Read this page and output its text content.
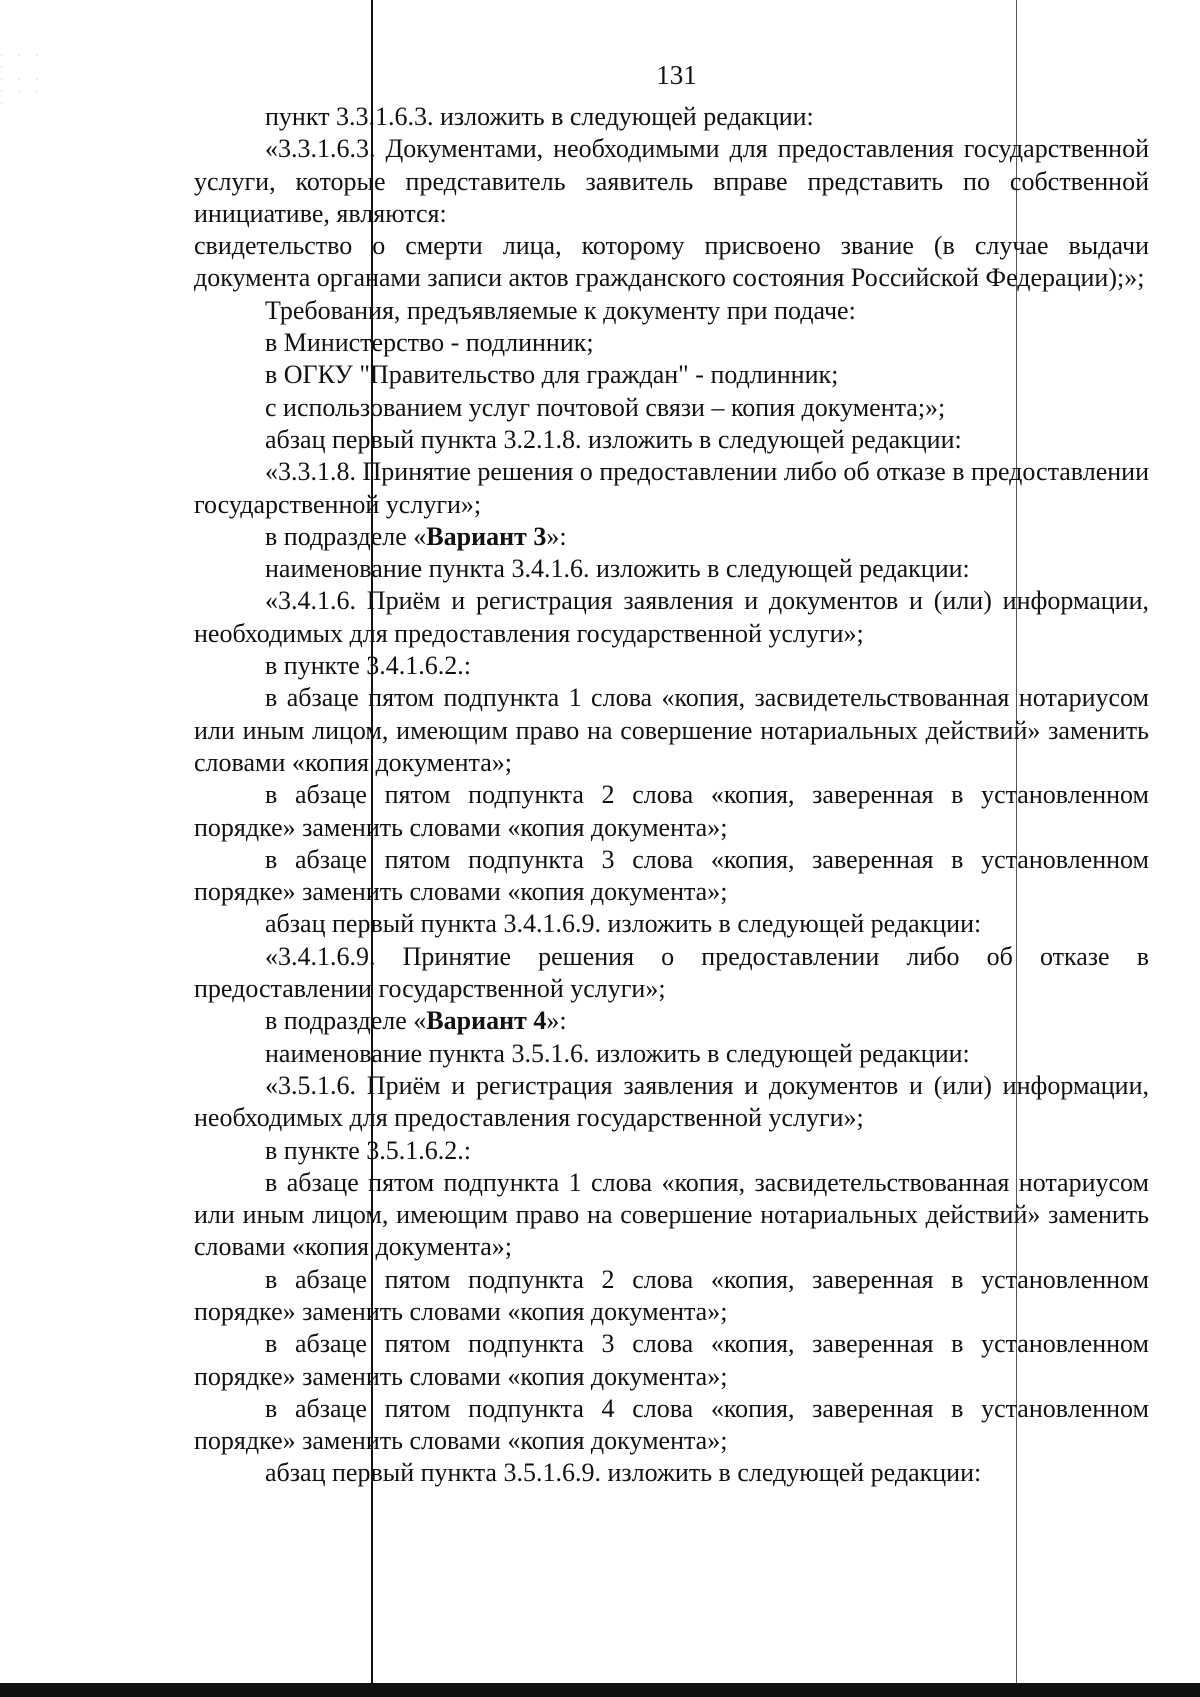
· · · ·
· · ·
· · · ·
131

пункт 3.3.1.6.3. изложить в следующей редакции:

«3.3.1.6.3. Документами, необходимыми для предоставления государственной услуги, которые представитель заявитель вправе представить по собственной инициативе, являются:

свидетельство о смерти лица, которому присвоено звание (в случае выдачи документа органами записи актов гражданского состояния Российской Федерации);»;

Требования, предъявляемые к документу при подаче:

в Министерство - подлинник;

в ОГКУ "Правительство для граждан" - подлинник;

с использованием услуг почтовой связи – копия документа;»;

абзац первый пункта 3.2.1.8. изложить в следующей редакции:

«3.3.1.8. Принятие решения о предоставлении либо об отказе в предоставлении государственной услуги»;

в подразделе «Вариант 3»:

наименование пункта 3.4.1.6. изложить в следующей редакции:

«3.4.1.6. Приём и регистрация заявления и документов и (или) информации, необходимых для предоставления государственной услуги»;

в пункте 3.4.1.6.2.:

в абзаце пятом подпункта 1 слова «копия, засвидетельствованная нотариусом или иным лицом, имеющим право на совершение нотариальных действий» заменить словами «копия документа»;

в абзаце пятом подпункта 2 слова «копия, заверенная в установленном порядке» заменить словами «копия документа»;

в абзаце пятом подпункта 3 слова «копия, заверенная в установленном порядке» заменить словами «копия документа»;

абзац первый пункта 3.4.1.6.9. изложить в следующей редакции:

«3.4.1.6.9. Принятие решения о предоставлении либо об отказе в предоставлении государственной услуги»;

в подразделе «Вариант 4»:

наименование пункта 3.5.1.6. изложить в следующей редакции:

«3.5.1.6. Приём и регистрация заявления и документов и (или) информации, необходимых для предоставления государственной услуги»;

в пункте 3.5.1.6.2.:

в абзаце пятом подпункта 1 слова «копия, засвидетельствованная нотариусом или иным лицом, имеющим право на совершение нотариальных действий» заменить словами «копия документа»;

в абзаце пятом подпункта 2 слова «копия, заверенная в установленном порядке» заменить словами «копия документа»;

в абзаце пятом подпункта 3 слова «копия, заверенная в установленном порядке» заменить словами «копия документа»;

в абзаце пятом подпункта 4 слова «копия, заверенная в установленном порядке» заменить словами «копия документа»;

абзац первый пункта 3.5.1.6.9. изложить в следующей редакции:
